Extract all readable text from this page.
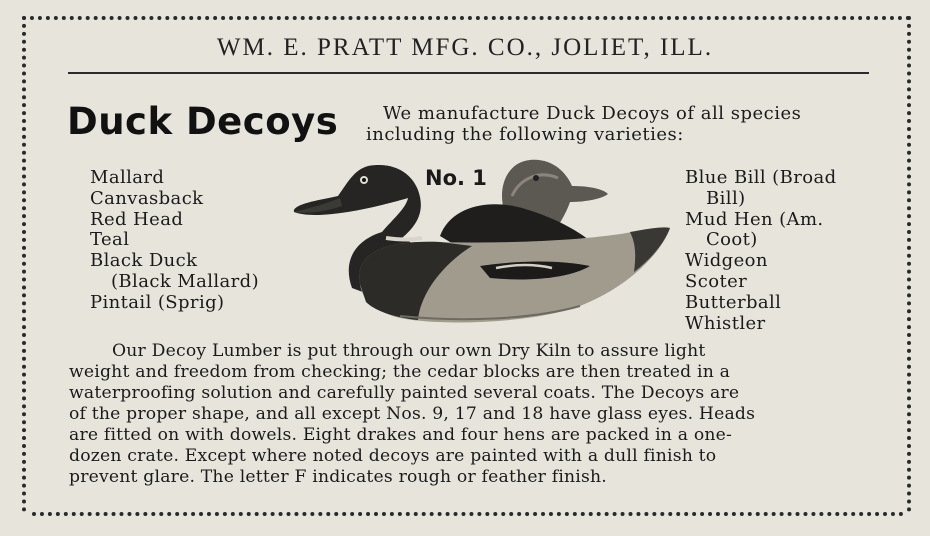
WM. E. PRATT MFG. CO., JOLIET, ILL.
Duck Decoys	We manufacture Duck Decoys of all species
including the following varieties:
Mallard
Canvasback
Red Head
Teal
Black Duck
(Black Mallard)
Pintail (Sprig)
Blue Bill (Broad
Bill)
Mud Hen (Am.
Coot)
Widgeon
Scoter
Butterball
Whistler
No. 1
Our Decoy Lumber is put through our own Dry Kiln to assure light
weight and freedom from checking; the cedar blocks are then treated in a
waterproofing solution and carefully painted several coats. The Decoys are
of the proper shape, and all except Nos. 9, 17 and 18 have glass eyes. Heads
are fitted on with dowels. Eight drakes and four hens are packed in a one-
dozen crate. Except where noted decoys are painted with a dull finish to
prevent glare. The letter F indicates rough or feather finish.
